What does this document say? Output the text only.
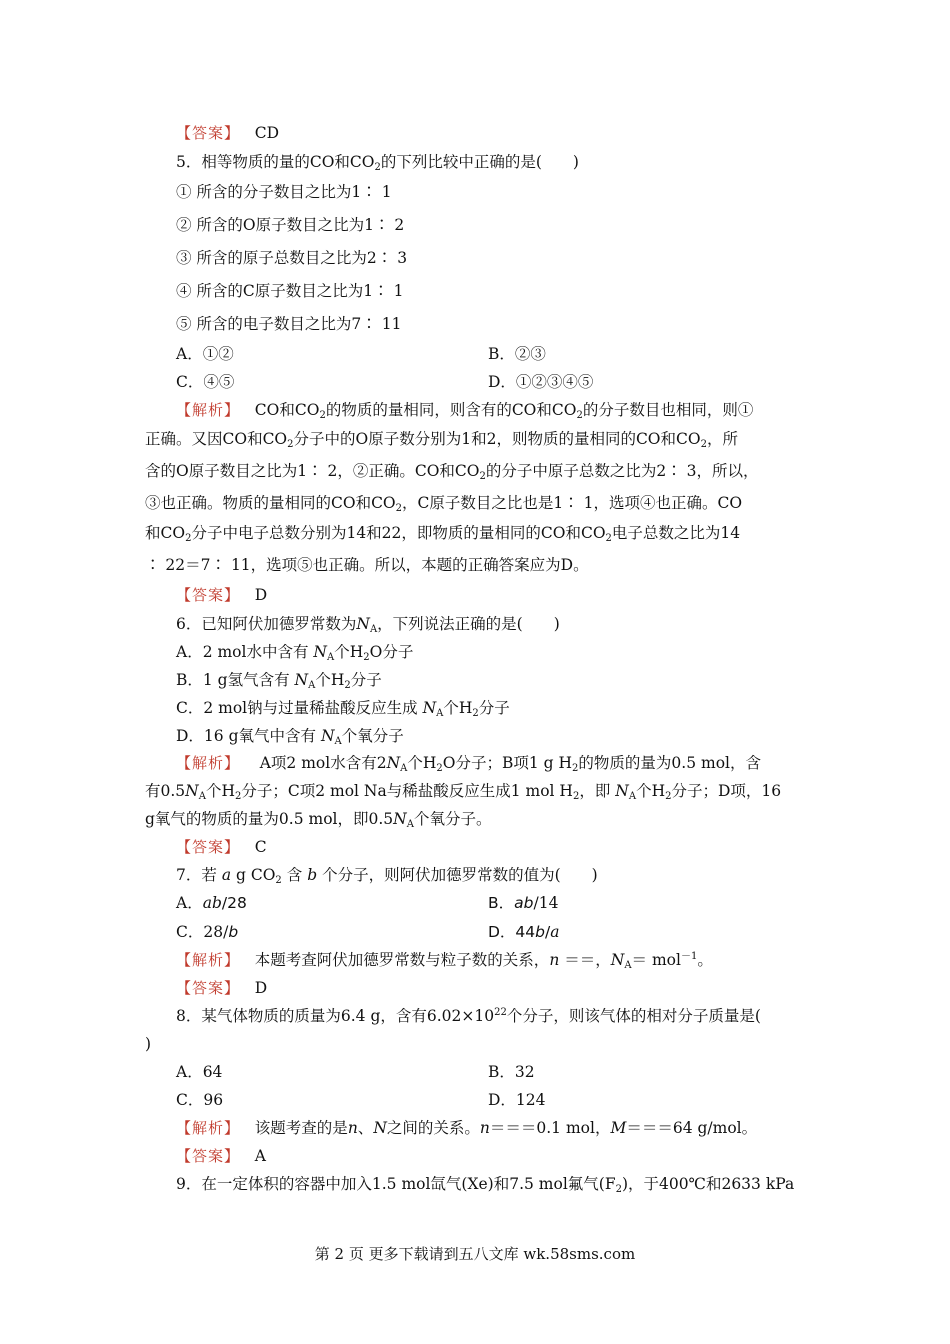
【答案】 CD
5．相等物质的量的CO和$CO_2$的下列比较中正确的是(　　)
① 所含的分子数目之比为1∶ 1
② 所含的O原子数目之比为1∶ 2
③ 所含的原子总数目之比为2∶ 3
④ 所含的C原子数目之比为1∶ 1
⑤ 所含的电子数目之比为7∶ 11
A．①②	B．②③
C．④⑤	D．①②③④⑤
【解析】 CO和$CO_2$的物质的量相同，则含有的CO和$CO_2$的分子数目也相同，则①
正确。又因CO和$CO_2$分子中的O原子数分别为1和2，则物质的量相同的CO和$CO_2$，所
含的O原子数目之比为1∶ 2，②正确。CO和$CO_2$的分子中原子总数之比为2∶ 3，所以，
③也正确。物质的量相同的CO和$CO_2$，C原子数目之比也是1∶ 1，选项④也正确。CO
和$CO_2$分子中电子总数分别为14和22，即物质的量相同的CO和$CO_2$电子总数之比为14
∶ 22＝7∶ 11，选项⑤也正确。所以，本题的正确答案应为D。
【答案】 D
6．已知阿伏加德罗常数为$N_A$，下列说法正确的是(　　)
A．2 mol水中含有 $N_A$个$H_2O$分子
B．1 g氢气含有 $N_A$个$H_2$分子
C．2 mol钠与过量稀盐酸反应生成 $N_A$个$H_2$分子
D．16 g氧气中含有 $N_A$个氧分子
【解析】 A项2 mol水含有$2N_A$个$H_2O$分子；B项1 g $H_2$的物质的量为0.5 mol，含
有$0.5N_A$个$H_2$分子；C项2 mol Na与稀盐酸反应生成1 mol $H_2$，即 $N_A$个$H_2$分子；D项，16
g氧气的物质的量为0.5 mol，即$0.5N_A$个氧分子。
【答案】 C
7．若 a g $CO_2$ 含 b 个分子，则阿伏加德罗常数的值为(　　)
A．ab/28	B．ab/14
C．28/b	D．44b/a
【解析】 本题考查阿伏加德罗常数与粒子数的关系，n ＝＝，$N_A= mol^{-1}$。
【答案】 D
8．某气体物质的质量为6.4 g，含有$6.02\times 10^{22}$个分子，则该气体的相对分子质量是(
)
A．64	B．32
C．96	D．124
【解析】 该题考查的是n、N之间的关系。n＝＝＝0.1 mol，M＝＝＝64 g/mol。
【答案】 A
9．在一定体积的容器中加入1.5 mol氙气(Xe)和7.5 mol氟气$(F_2)$，于400℃和2633 kPa
第 2 页 更多下载请到五八文库 wk.58sms.com
